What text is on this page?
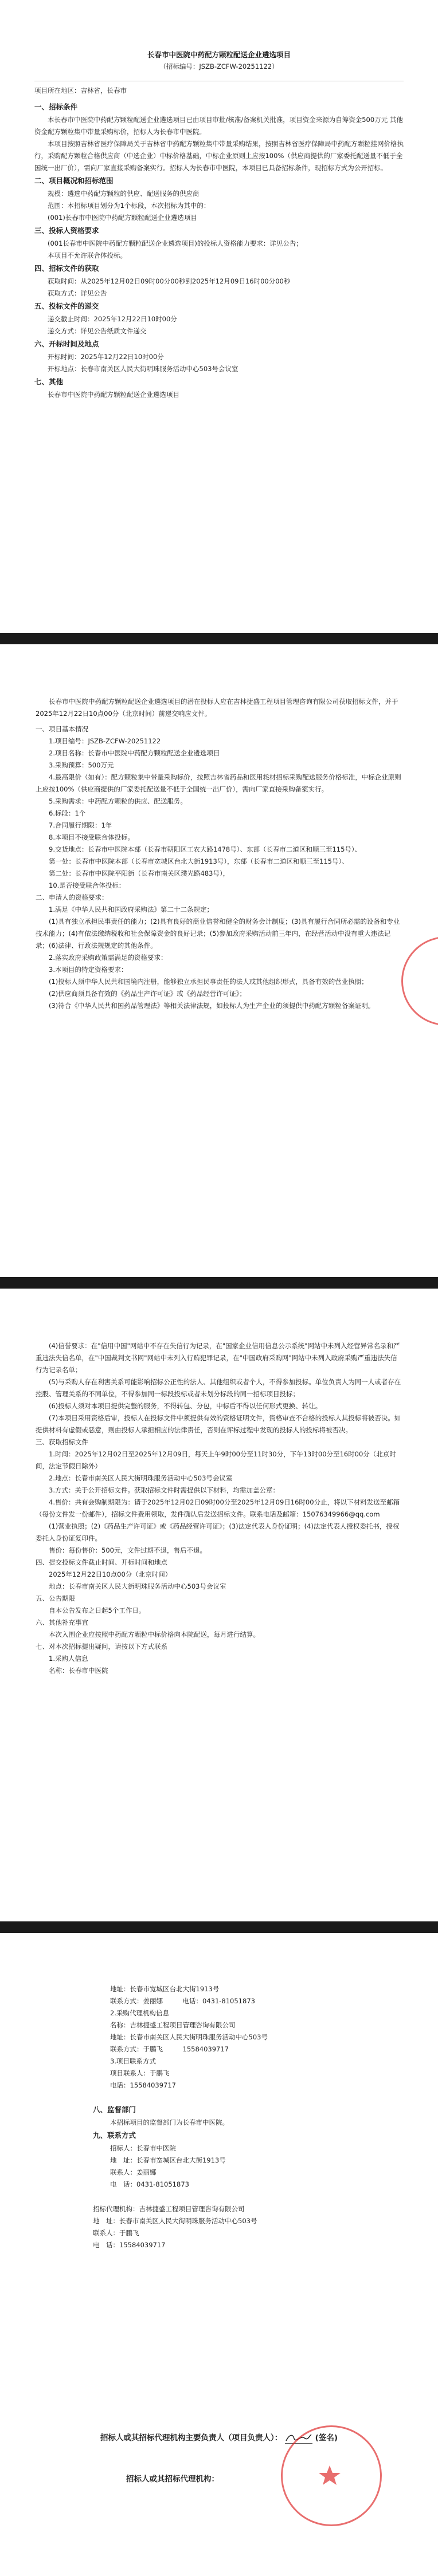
长春市中医院中药配方颗粒配送企业遴选项目

（招标编号：JSZB-ZCFW-20251122）

项目所在地区：吉林省，长春市

一、招标条件

本长春市中医院中药配方颗粒配送企业遴选项目已由项目审批/核准/备案机关批准，项目资金来源为自筹资金500万元 其他资金配方颗粒集中带量采购标价，招标人为长春市中医院。

本项目按照吉林省医疗保障局关于吉林省中药配方颗粒集中带量采购结果，按照吉林省医疗保障局中药配方颗粒挂网价格执行，采购配方颗粒合格供应商（中选企业）中标价格基础，中标企业原则上应按100%（供应商提供的厂家委托配送量不低于全国统一出厂价），需向厂家直接采购备案实行。招标人为长春市中医院，本项目已具备招标条件，现招标方式为公开招标。

二、项目概况和招标范围

规模：遴选中药配方颗粒的供应、配送服务的供应商

范围：本招标项目划分为1个标段，本次招标为其中的：

(001)长春市中医院中药配方颗粒配送企业遴选项目

三、投标人资格要求

(001长春市中医院中药配方颗粒配送企业遴选项目)的投标人资格能力要求：详见公告；

本项目不允许联合体投标。

四、招标文件的获取

获取时间：从2025年12月02日09时00分00秒到2025年12月09日16时00分00秒

获取方式：详见公告

五、投标文件的递交

递交截止时间：2025年12月22日10时00分

递交方式：详见公告纸质文件递交

六、开标时间及地点

开标时间：2025年12月22日10时00分

开标地点：长春市南关区人民大街明珠服务活动中心503号会议室

七、其他

长春市中医院中药配方颗粒配送企业遴选项目

长春市中医院中药配方颗粒配送企业遴选项目的潜在投标人应在吉林捷盛工程项目管理咨询有限公司获取招标文件，并于2025年12月22日10点00分（北京时间）前递交响应文件。

一、项目基本情况

1.项目编号：JSZB-ZCFW-20251122

2.项目名称：长春市中医院中药配方颗粒配送企业遴选项目

3.采购预算：500万元

4.最高限价（如有）：配方颗粒集中带量采购标价，按照吉林省药品和医用耗材招标采购配送服务价格标准，中标企业原则上应按100%（供应商提供的厂家委托配送量不低于全国统一出厂价），需向厂家直接采购备案实行。

5.采购需求：中药配方颗粒的供应、配送服务。

6.标段：1个

7.合同履行期限：1年

8.本项目不接受联合体投标。

9.交货地点：长春市中医院本部（长春市朝阳区工农大路1478号）、东部（长春市二道区和顺三至115号）、

第一处：长春市中医院本部（长春市宽城区台北大街1913号），东部（长春市二道区和顺三至115号）、

第二处：长春市中医院平阳街（长春市南关区璞光路483号），

10.是否接受联合体投标：

二、申请人的资格要求：

1.满足《中华人民共和国政府采购法》第二十二条规定；

(1)具有独立承担民事责任的能力；(2)具有良好的商业信誉和健全的财务会计制度；(3)具有履行合同所必需的设备和专业技术能力；(4)有依法缴纳税收和社会保障资金的良好记录；(5)参加政府采购活动前三年内，在经营活动中没有重大违法记录；(6)法律、行政法规规定的其他条件。

2.落实政府采购政策需满足的资格要求：

3.本项目的特定资格要求：

(1)投标人须中华人民共和国境内注册，能够独立承担民事责任的法人或其他组织形式，具备有效的营业执照；

(2)供应商须具备有效的《药品生产许可证》或《药品经营许可证》；

(3)符合《中华人民共和国药品管理法》等相关法律法规，如投标人为生产企业的须提供中药配方颗粒备案证明。

(4)信誉要求：在"信用中国"网站中不存在失信行为记录，在"国家企业信用信息公示系统"网站中未列入经营异常名录和严重违法失信名单，在"中国裁判文书网"网站中未列入行贿犯罪记录，在"中国政府采购网"网站中未列入政府采购严重违法失信行为记录名单；

(5)与采购人存在利害关系可能影响招标公正性的法人、其他组织或者个人，不得参加投标。单位负责人为同一人或者存在控股、管理关系的不同单位，不得参加同一标段投标或者未划分标段的同一招标项目投标；

(6)投标人须对本项目提供完整的服务，不得转包、分包，中标后不得以任何形式更换、转让。

(7)本项目采用资格后审，投标人在投标文件中须提供有效的资格证明文件，资格审查不合格的投标人其投标将被否决。如提供材料有虚假或恶意，则由投标人承担相应的法律责任，否则在评标过程中发现的投标人的投标将被否决。

三、获取招标文件

1.时间：2025年12月02日至2025年12月09日，每天上午9时00分至11时30分，下午13时00分至16时00分（北京时间，法定节假日除外）

2.地点：长春市南关区人民大街明珠服务活动中心503号会议室

3.方式：关于公开招标文件。获取招标文件时需提供以下材料，均需加盖公章：

4.售价：共有会购制期限为：请于2025年12月02日09时00分至2025年12月09日16时00分止，将以下材料发送至邮箱（每份文件发一份邮件），招标文件费用领取，发件确认后发送招标文件。联系电话及邮箱：15076349966@qq.com

(1)营业执照；(2)《药品生产许可证》或《药品经营许可证》；(3)法定代表人身份证明；(4)法定代表人授权委托书，授权委托人身份证复印件。

售价：每份售价：500元，文件过期不退，售后不退。

四、提交投标文件截止时间、开标时间和地点

2025年12月22日10点00分（北京时间）

地点：长春市南关区人民大街明珠服务活动中心503号会议室

五、公告期限

自本公告发布之日起5个工作日。

六、其他补充事宜

本次入围企业应按照中药配方颗粒中标价格向本院配送，每月进行结算。

七、对本次招标提出疑问，请按以下方式联系

1.采购人信息

名称：长春市中医院

地址：长春市宽城区台北大街1913号

联系方式：姜丽娜　　　电话：0431-81051873

2.采购代理机构信息

名称：吉林捷盛工程项目管理咨询有限公司

地址：长春市南关区人民大街明珠服务活动中心503号

联系方式：于鹏飞　　　15584039717

3.项目联系方式

项目联系人：于鹏飞

电话：15584039717

八、监督部门

本招标项目的监督部门为长春市中医院。

九、联系方式

招标人：长春市中医院

地　址：长春市宽城区台北大街1913号

联系人：姜丽娜

电　话：0431-81051873

招标代理机构：吉林捷盛工程项目管理咨询有限公司

地　址：长春市南关区人民大街明珠服务活动中心503号

联系人：于鹏飞

电　话：15584039717

招标人或其招标代理机构主要负责人（项目负责人）：	(签名)

招标人或其招标代理机构：
